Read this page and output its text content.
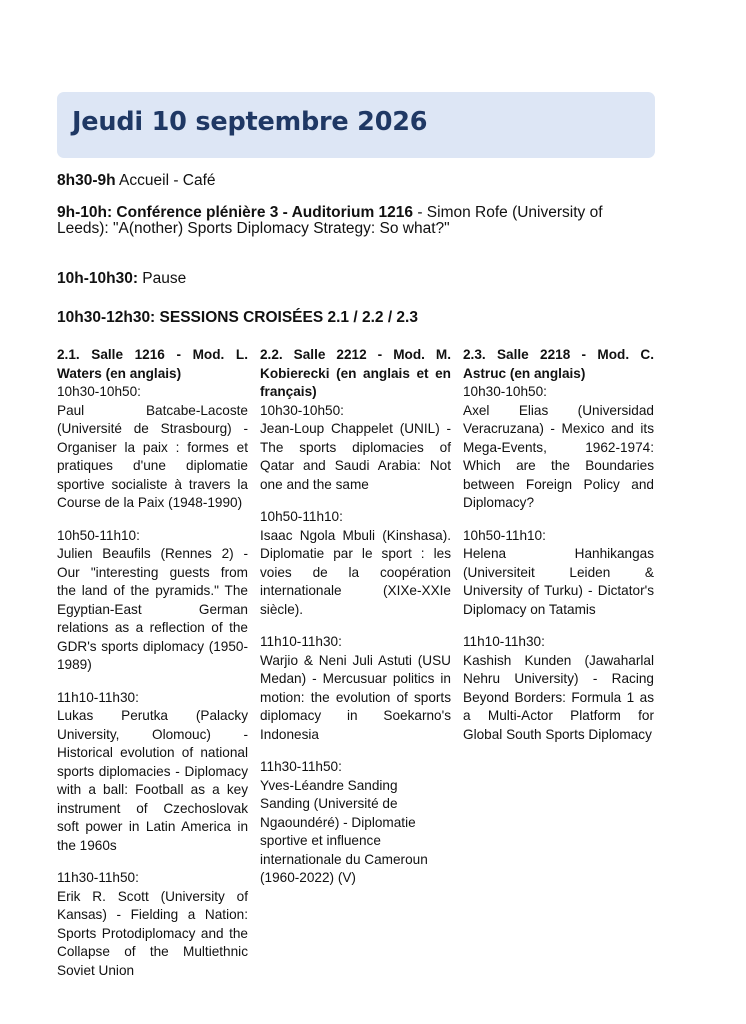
Jeudi 10 septembre 2026

8h30-9h Accueil - Café

9h-10h: Conférence plénière 3 - Auditorium 1216 - Simon Rofe (University of Leeds): "A(nother) Sports Diplomacy Strategy: So what?"

10h-10h30: Pause

10h30-12h30: SESSIONS CROISÉES 2.1 / 2.2 / 2.3

2.1. Salle 1216 - Mod. L. Waters (en anglais)

10h30-10h50:
Paul Batcabe-Lacoste (Université de Strasbourg) - Organiser la paix : formes et pratiques d'une diplomatie sportive socialiste à travers la Course de la Paix (1948-1990)
10h50-11h10:
Julien Beaufils (Rennes 2) - Our "interesting guests from the land of the pyramids." The Egyptian-East German relations as a reflection of the GDR's sports diplomacy (1950-1989)
11h10-11h30:
Lukas Perutka (Palacky University, Olomouc) - Historical evolution of national sports diplomacies - Diplomacy with a ball: Football as a key instrument of Czechoslovak soft power in Latin America in the 1960s
11h30-11h50:
Erik R. Scott (University of Kansas) - Fielding a Nation: Sports Protodiplomacy and the Collapse of the Multiethnic Soviet Union

2.2. Salle 2212 - Mod. M. Kobierecki (en anglais et en français)

10h30-10h50:
Jean-Loup Chappelet (UNIL) - The sports diplomacies of Qatar and Saudi Arabia: Not one and the same
10h50-11h10:
Isaac Ngola Mbuli (Kinshasa). Diplomatie par le sport : les voies de la coopération internationale (XIXe-XXIe siècle).
11h10-11h30:
Warjio & Neni Juli Astuti (USU Medan) - Mercusuar politics in motion: the evolution of sports diplomacy in Soekarno's Indonesia
11h30-11h50:
Yves-Léandre Sanding Sanding (Université de Ngaoundéré) - Diplomatie sportive et influence internationale du Cameroun (1960-2022) (V)

2.3. Salle 2218 - Mod. C. Astruc (en anglais)

10h30-10h50:
Axel Elias (Universidad Veracruzana) - Mexico and its Mega-Events, 1962-1974: Which are the Boundaries between Foreign Policy and Diplomacy?
10h50-11h10:
Helena Hanhikangas (Universiteit Leiden & University of Turku) - Dictator's Diplomacy on Tatamis
11h10-11h30:
Kashish Kunden (Jawaharlal Nehru University) - Racing Beyond Borders: Formula 1 as a Multi-Actor Platform for Global South Sports Diplomacy
